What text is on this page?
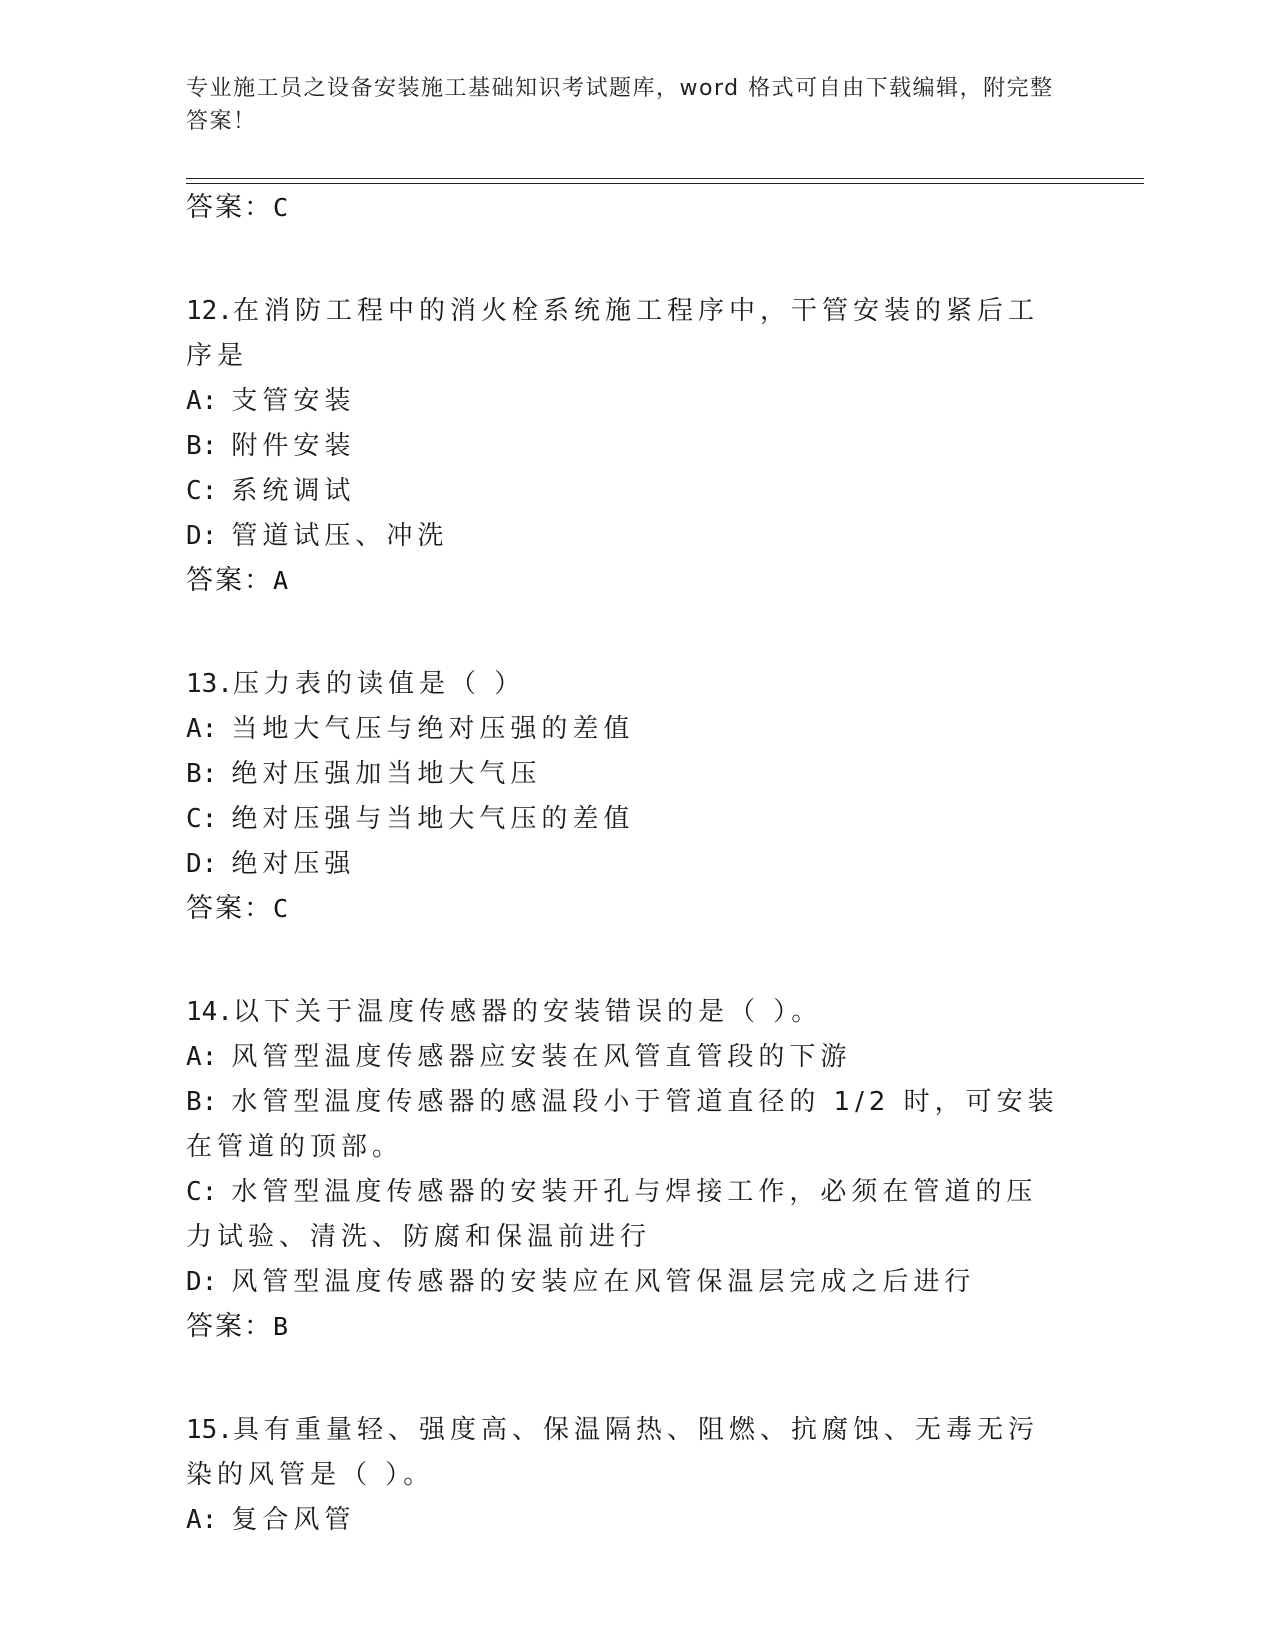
专业施工员之设备安装施工基础知识考试题库，word 格式可自由下载编辑，附完整答案！
答案：C
12.在消防工程中的消火栓系统施工程序中，干管安装的紧后工序是
A: 支管安装
B: 附件安装
C: 系统调试
D: 管道试压、冲洗
答案：A
13.压力表的读值是（ ）
A: 当地大气压与绝对压强的差值
B: 绝对压强加当地大气压
C: 绝对压强与当地大气压的差值
D: 绝对压强
答案：C
14.以下关于温度传感器的安装错误的是（ ）。
A: 风管型温度传感器应安装在风管直管段的下游
B: 水管型温度传感器的感温段小于管道直径的 1/2 时，可安装在管道的顶部。
C: 水管型温度传感器的安装开孔与焊接工作，必须在管道的压力试验、清洗、防腐和保温前进行
D: 风管型温度传感器的安装应在风管保温层完成之后进行
答案：B
15.具有重量轻、强度高、保温隔热、阻燃、抗腐蚀、无毒无污染的风管是（ ）。
A: 复合风管
